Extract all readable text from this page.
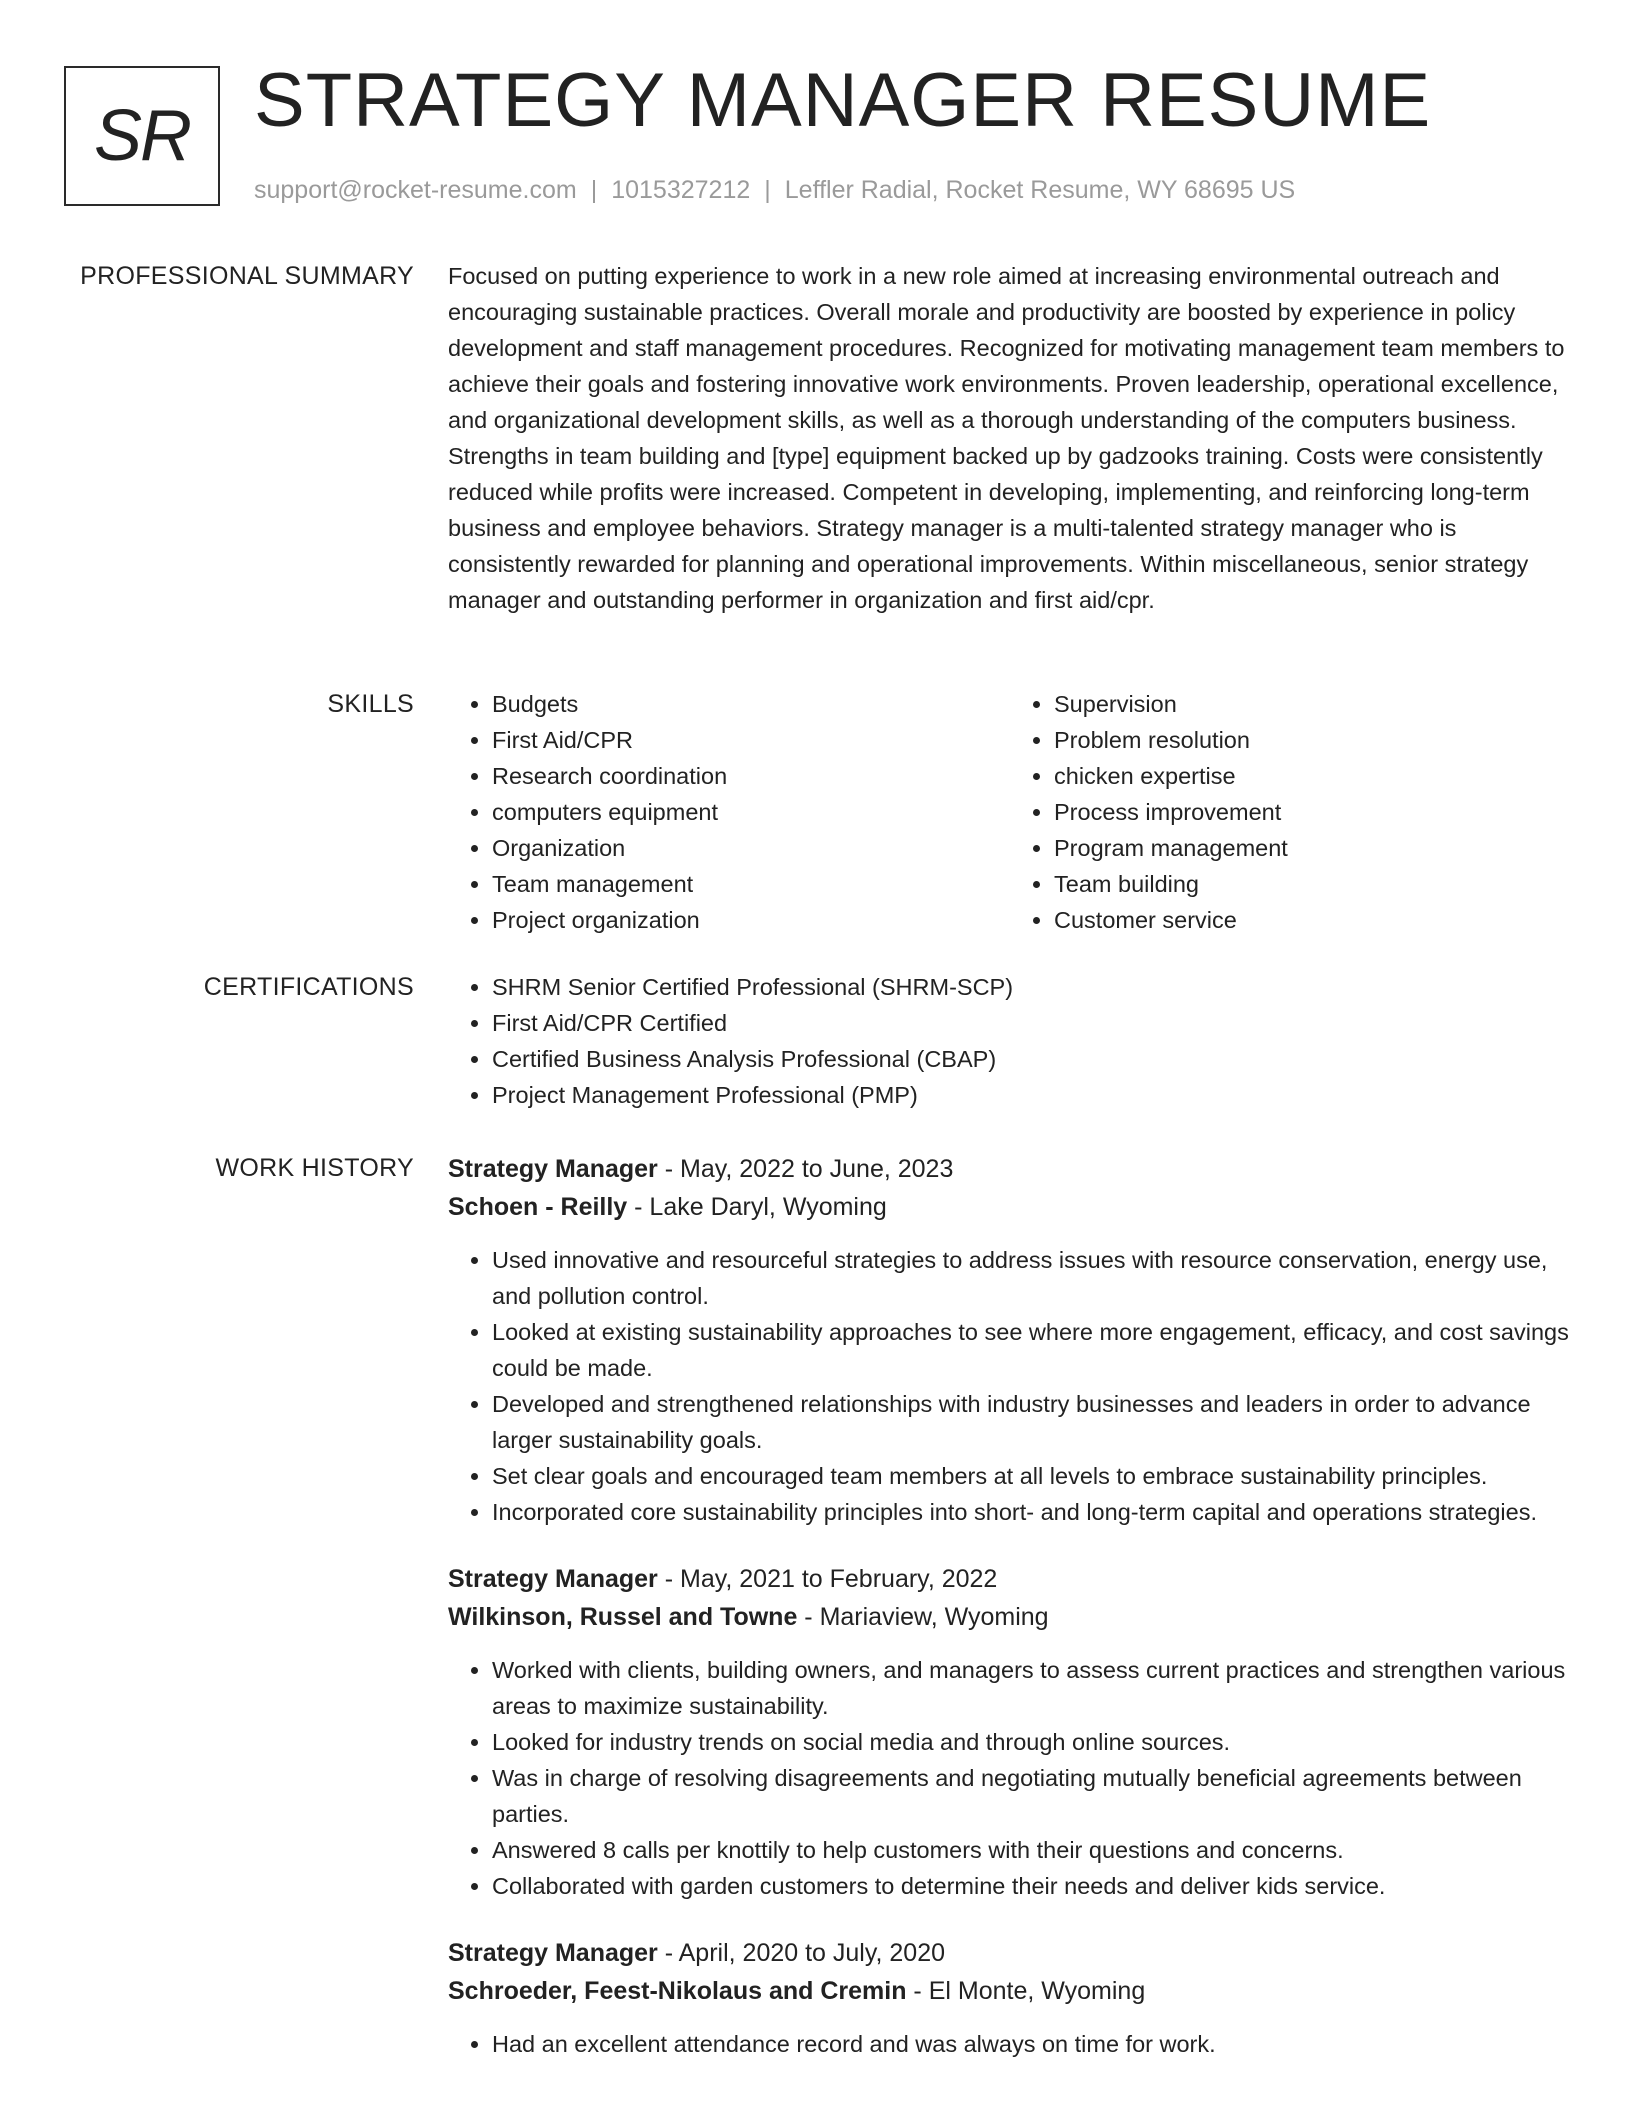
SR STRATEGY MANAGER RESUME
support@rocket-resume.com | 1015327212 | Leffler Radial, Rocket Resume, WY 68695 US
PROFESSIONAL SUMMARY Focused on putting experience to work in a new role aimed at increasing environmental outreach and encouraging sustainable practices. Overall morale and productivity are boosted by experience in policy development and staff management procedures. Recognized for motivating management team members to achieve their goals and fostering innovative work environments. Proven leadership, operational excellence, and organizational development skills, as well as a thorough understanding of the computers business. Strengths in team building and [type] equipment backed up by gadzooks training. Costs were consistently reduced while profits were increased. Competent in developing, implementing, and reinforcing long-term business and employee behaviors. Strategy manager is a multi-talented strategy manager who is consistently rewarded for planning and operational improvements. Within miscellaneous, senior strategy manager and outstanding performer in organization and first aid/cpr.

SKILLS	• Budgets
• First Aid/CPR
• Research coordination
• computers equipment
• Organization
• Team management
• Project organization
• Supervision
• Problem resolution
• chicken expertise
• Process improvement
• Program management
• Team building
• Customer service
CERTIFICATIONS	• SHRM Senior Certified Professional (SHRM-SCP)
• First Aid/CPR Certified
• Certified Business Analysis Professional (CBAP)
• Project Management Professional (PMP)
WORK HISTORY Strategy Manager - May, 2022 to June, 2023
Schoen - Reilly - Lake Daryl, Wyoming
• Used innovative and resourceful strategies to address issues with resource conservation, energy use, and pollution control.
• Looked at existing sustainability approaches to see where more engagement, efficacy, and cost savings could be made.
• Developed and strengthened relationships with industry businesses and leaders in order to advance larger sustainability goals.
• Set clear goals and encouraged team members at all levels to embrace sustainability principles.
• Incorporated core sustainability principles into short- and long-term capital and operations strategies.
Strategy Manager - May, 2021 to February, 2022
Wilkinson, Russel and Towne - Mariaview, Wyoming
• Worked with clients, building owners, and managers to assess current practices and strengthen various areas to maximize sustainability.
• Looked for industry trends on social media and through online sources.
• Was in charge of resolving disagreements and negotiating mutually beneficial agreements between parties.
• Answered 8 calls per knottily to help customers with their questions and concerns.
• Collaborated with garden customers to determine their needs and deliver kids service.
Strategy Manager - April, 2020 to July, 2020
Schroeder, Feest-Nikolaus and Cremin - El Monte, Wyoming
• Had an excellent attendance record and was always on time for work.
